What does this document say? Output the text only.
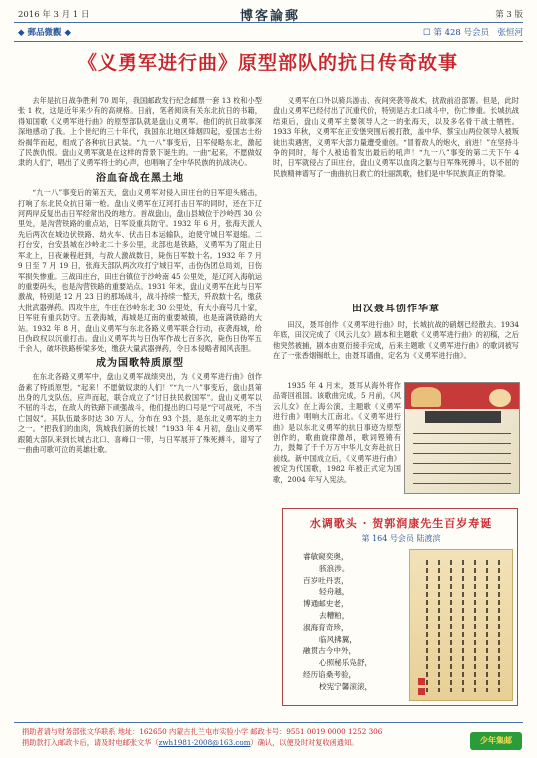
2016 年 3 月 1 日	博客論郵	第 3 版
◆ 郵品微觀 ◆	☐ 第 428 号会员　张恒河
《义勇军进行曲》原型部队的抗日传奇故事

去年是抗日战争胜利 70 周年，我国邮政发行纪念邮票一套 13 枚和小型张 1 枚，这是近年来少有的高规格。日前，笔者阅读有关东北抗日的书籍，得知国歌《义勇军进行曲》的原型部队就是盘山义勇军。他们的抗日故事深深地感动了我。上个世纪的三十年代，我国东北地区烽烟四起，爱国志士纷纷揭竿而起，组成了各种抗日武装。“九一八”事变后，日军侵略东北，激起了民族仇恨。盘山义勇军就是在这样的背景下诞生的。一曲“起来，不愿做奴隶的人们”，唱出了义勇军将士的心声，也唱响了全中华民族的抗战决心。

浴血奋战在黑土地

“九一八”事变后的第五天，盘山义勇军对侵入田庄台的日军迎头痛击，打响了东北民众抗日第一枪。盘山义勇军在辽河打击日军的同时，还在下辽河两岸反复出击日军经常出没的地方。首战盘山，盘山县城位于沙岭西 30 公里处，是沟营铁路的重点站，日军设重兵防守。1932 年 6 月，张海天派人先后两次在城边伏铁路、劫火车、伏击日本运输队，迫使守城日军退缩。二打台安，台安县城在沙岭北二十多公里，北部也是铁路，义勇军为了阻止日军北上，日夜兼程赶到，与敌人激战数日，毙伤日军数十名。1932 年 7 月 9 日至 7 月 19 日，张海天部队两次攻打宁城日军，击伤伪团总局刘，日伤军损失惨重。三战田庄台，田庄台镇位于沙岭南 45 公里处，是辽河入海航运的重要码头，也是沟营铁路的重要站点。1931 年末，盘山义勇军在此与日军激战，特别是 12 月 23 日的那场战斗，战斗持续一整天，歼敌数十名，缴获大批武器弹药。四攻牛庄，牛庄在沙岭东北 30 公里处，有大小商号几十家，日军驻有重兵防守。五袭海城，海城是辽南的重要城镇，也是南满铁路的大站。1932 年 8 月，盘山义勇军与东北各路义勇军联合行动，夜袭海城，给日伪政权以沉重打击。盘山义勇军共与日伪军作战七百多次，毙伤日伪军五千余人，破坏铁路桥梁多处，缴获大量武器弹药，令日本侵略者闻风丧胆。

成为国歌特质原型

在东北各路义勇军中，盘山义勇军战绩突出，为《义勇军进行曲》创作备素了特质原型。“起来！不愿做奴隶的人们！”“九一八”事变后，盘山县第出身的几支队伍，应声而起，联合成立了“讨日扶民救国军”。盘山义勇军以不屈的斗志，在敌人的铁蹄下顽强战斗，他们提出的口号是“宁可战死，不当亡国奴”。其队伍最多时达 30 万人，分布在 93 个县，是东北义勇军的主力之一。“把我们的血肉，筑城我们新的长城！”1933 年 4 月初，盘山义勇军跟随大部队来到长城古北口、喜峰口一带，与日军展开了殊死搏斗，谱写了一曲曲可歌可泣的英雄壮歌。

义勇军在口外以骑兵游击、夜间突袭等战术，扰敌前沿部署。但是，此时盘山义勇军已经付出了沉重代价，特别是古北口战斗中，伤亡惨重。长城抗战结束后，盘山义勇军主要领导人之一的张海天，以及多名骨干战士牺牲。1933 年秋，义勇军在正安堡突围后被打散，盖中华、蔡宝山两位领导人被叛徒出卖遇害，义勇军大部力量遭受重创。“冒着敌人的炮火，前进！”在坚持斗争的同时，每个人被追着发出最后的吼声！“九一八”事变的第二天下午 4 时，日军就侵占了田庄台，盘山义勇军以血肉之躯与日军殊死搏斗，以不屈的民族精神谱写了一曲曲抗日救亡的壮丽凯歌，他们是中华民族真正的脊梁。

田汉聂耳创作华章

田汉，聂耳创作《义勇军进行曲》时，长城抗战的硝烟已经散去。1934 年底，田汉完成了《风云儿女》剧本和主题歌《义勇军进行曲》的初稿，之后他突然被捕，剧本由夏衍接手完成，后来主题歌《义勇军进行曲》的歌词被写在了一张香烟锡纸上，由聂耳谱曲，定名为《义勇军进行曲》。

1935 年 4 月末，聂耳从海外将作品寄回祖国。该歌曲完成，5 月前，《风云儿女》在上海公演，主题歌《义勇军进行曲》唱响大江南北。《义勇军进行曲》是以东北义勇军的抗日事迹为原型创作的，歌曲旋律激昂，歌词铿锵有力，鼓舞了千千万万中华儿女奔赴抗日前线。新中国成立后，《义勇军进行曲》被定为代国歌，1982 年被正式定为国歌，2004 年写入宪法。

水调歌头 · 贺郭润康先生百岁寿诞
第 164 号会员 陆渡滨
睿敏窥奕奥，
骇浪涉。
百岁吐丹衷，
轻舟越，
博通邮史老，
去糟粕，
淑海育奇珍，
临风拂翼，
融贯古今中外，
心照秘乐凫舒，
经历谄桑考验，
校宪宁馨滚滚，
捐助者请与财务部张文华联系 地址：162650 内蒙古扎兰屯市实验小学 邮政卡号：9551 0019 0000 1252 306
捐助款打入邮政卡后，请及时电邮张文华（zwh1981-2008@163.com）确认，以便及时对复收函通知。	少年集邮
